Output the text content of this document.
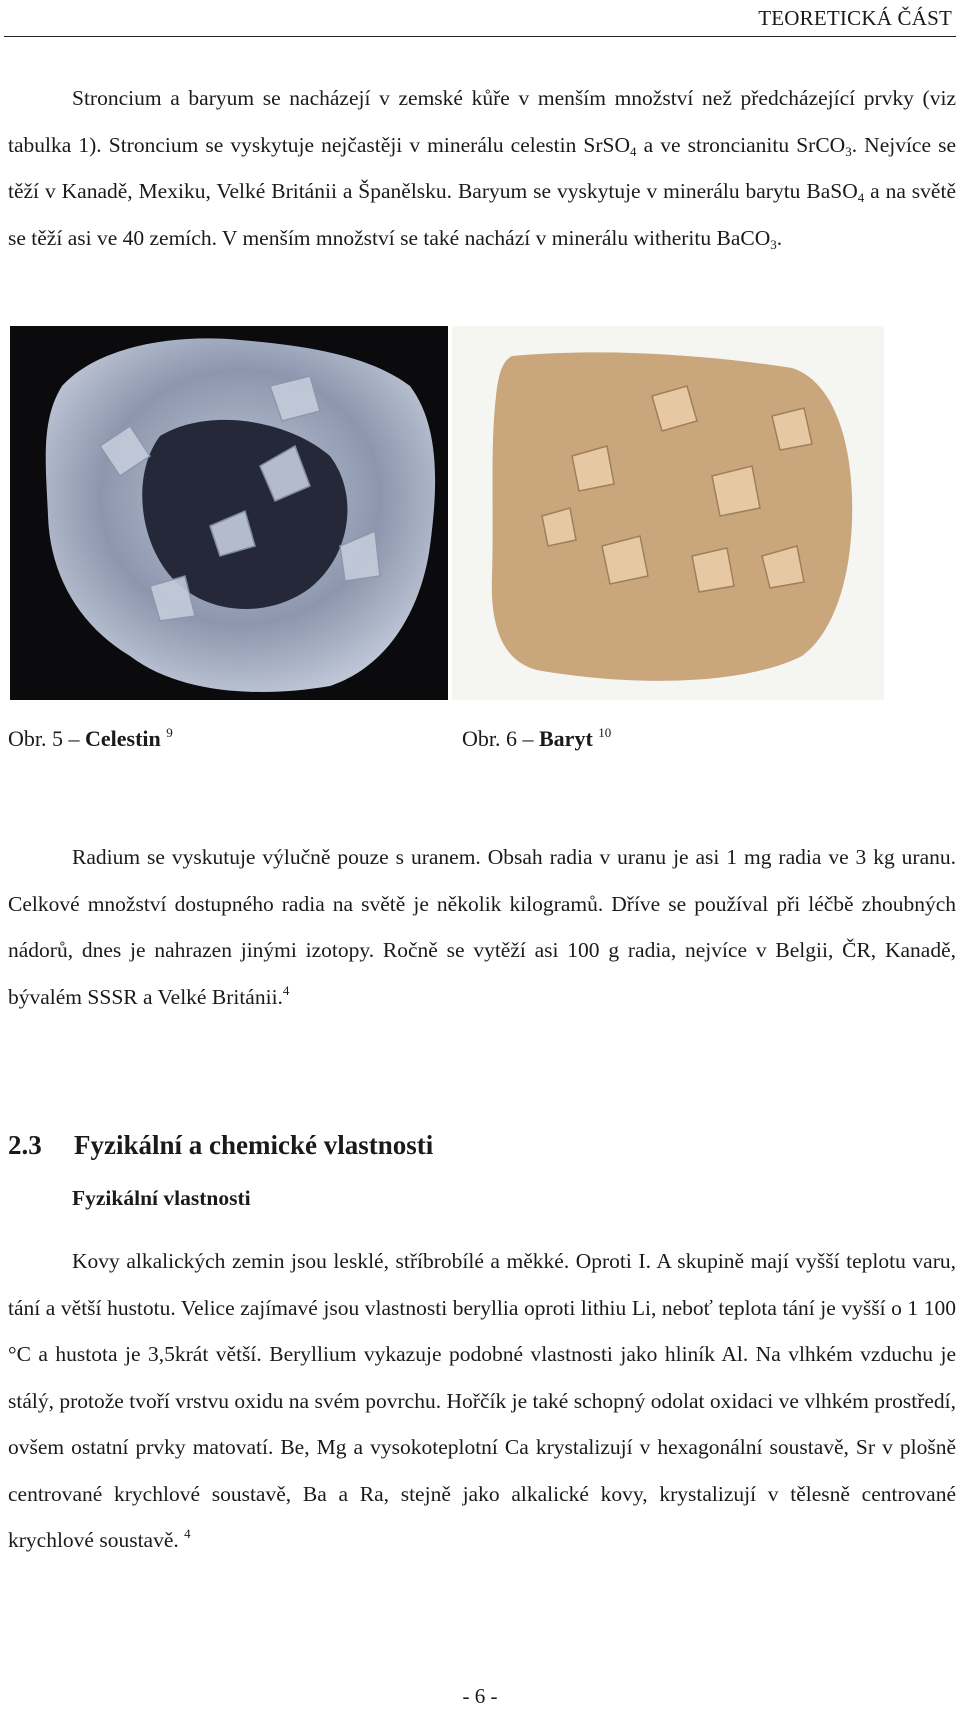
TEORETICKÁ ČÁST

Stroncium a baryum se nacházejí v zemské kůře v menším množství než předcházející prvky (viz tabulka 1). Stroncium se vyskytuje nejčastěji v minerálu celestin SrSO$_4$ a ve stroncianitu SrCO$_3$. Nejvíce se těží v Kanadě, Mexiku, Velké Británii a Španělsku. Baryum se vyskytuje v minerálu barytu BaSO$_4$ a na světě se těží asi ve 40 zemích. V menším množství se také nachází v minerálu witheritu BaCO$_3$.

Obr. 5 – Celestin $^9$	Obr. 6 – Baryt $^{10}$

Radium se vyskutuje výlučně pouze s uranem. Obsah radia v uranu je asi 1 mg radia ve 3 kg uranu. Celkové množství dostupného radia na světě je několik kilogramů. Dříve se používal při léčbě zhoubných nádorů, dnes je nahrazen jinými izotopy. Ročně se vytěží asi 100 g radia, nejvíce v Belgii, ČR, Kanadě, bývalém SSSR a Velké Británii.$^4$

2.3 Fyzikální a chemické vlastnosti
Fyzikální vlastnosti

Kovy alkalických zemin jsou lesklé, stříbrobílé a měkké. Oproti I. A skupině mají vyšší teplotu varu, tání a větší hustotu. Velice zajímavé jsou vlastnosti beryllia oproti lithiu Li, neboť teplota tání je vyšší o 1 100 °C a hustota je 3,5krát větší. Beryllium vykazuje podobné vlastnosti jako hliník Al. Na vlhkém vzduchu je stálý, protože tvoří vrstvu oxidu na svém povrchu. Hořčík je také schopný odolat oxidaci ve vlhkém prostředí, ovšem ostatní prvky matovatí. Be, Mg a vysokoteplotní Ca krystalizují v hexagonální soustavě, Sr v plošně centrované krychlové soustavě, Ba a Ra, stejně jako alkalické kovy, krystalizují v tělesně centrované krychlové soustavě. $^4$

- 6 -
